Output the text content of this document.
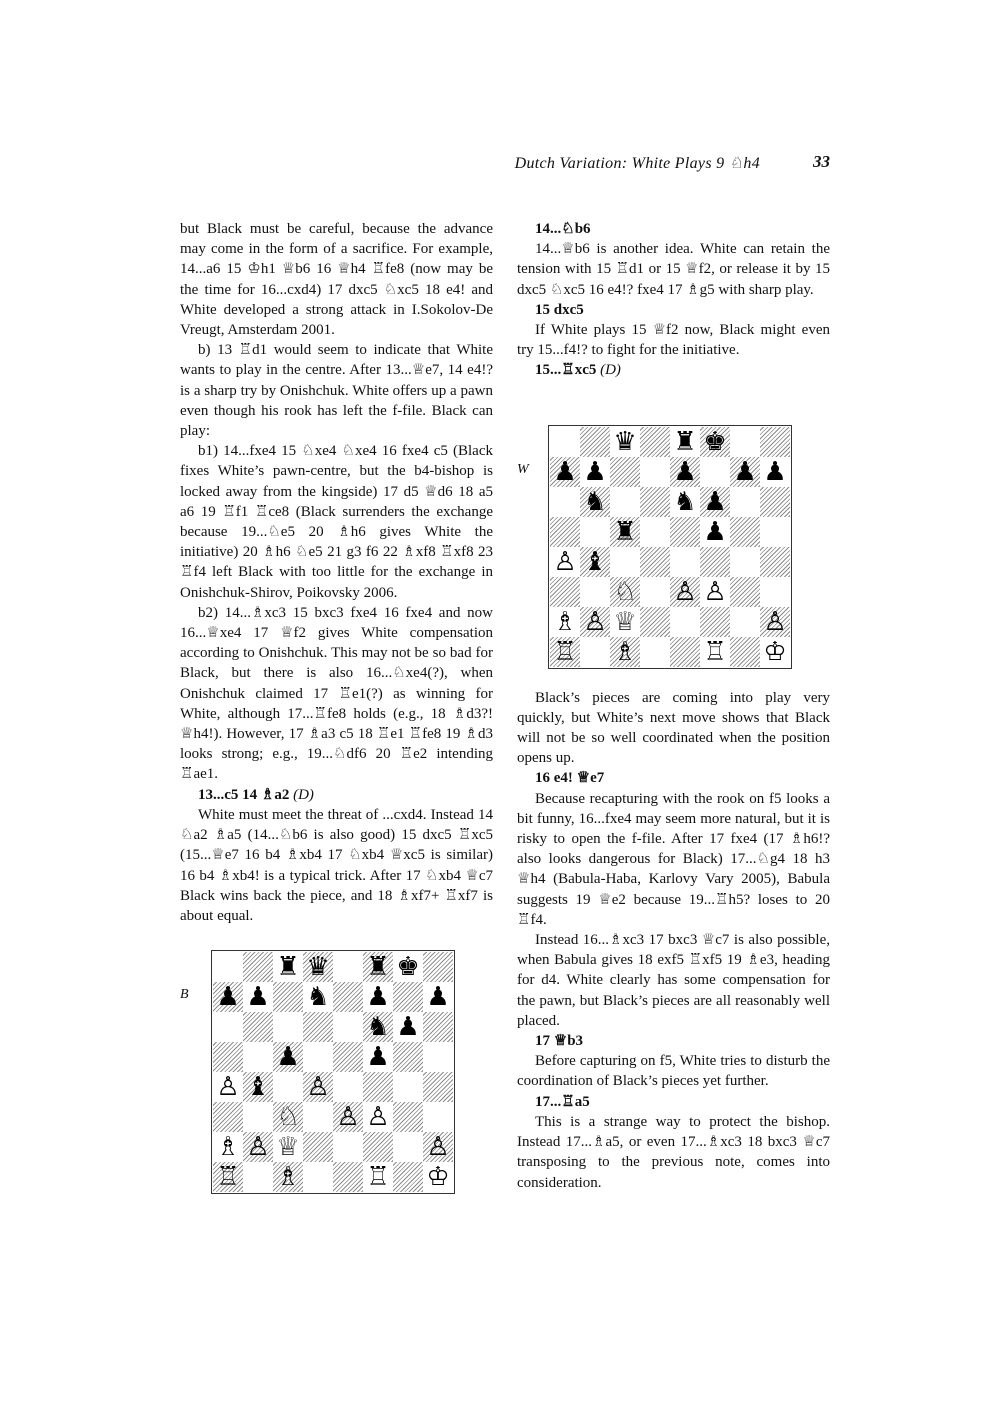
Dutch Variation: White Plays 9 ♘h4	33

but Black must be careful, because the advance may come in the form of a sacrifice. For example, 14...a6 15 ♔h1 ♕b6 16 ♕h4 ♖fe8 (now may be the time for 16...cxd4) 17 dxc5 ♘xc5 18 e4! and White developed a strong attack in I.Sokolov-De Vreugt, Amsterdam 2001.

b) 13 ♖d1 would seem to indicate that White wants to play in the centre. After 13...♕e7, 14 e4!? is a sharp try by Onishchuk. White offers up a pawn even though his rook has left the f-file. Black can play:

b1) 14...fxe4 15 ♘xe4 ♘xe4 16 fxe4 c5 (Black fixes White’s pawn-centre, but the b4-bishop is locked away from the kingside) 17 d5 ♕d6 18 a5 a6 19 ♖f1 ♖ce8 (Black surrenders the exchange because 19...♘e5 20 ♗h6 gives White the initiative) 20 ♗h6 ♘e5 21 g3 f6 22 ♗xf8 ♖xf8 23 ♖f4 left Black with too little for the exchange in Onishchuk-Shirov, Poikovsky 2006.

b2) 14...♗xc3 15 bxc3 fxe4 16 fxe4 and now 16...♕xe4 17 ♕f2 gives White compensation according to Onishchuk. This may not be so bad for Black, but there is also 16...♘xe4(?), when Onishchuk claimed 17 ♖e1(?) as winning for White, although 17...♖fe8 holds (e.g., 18 ♗d3?! ♕h4!). However, 17 ♗a3 c5 18 ♖e1 ♖fe8 19 ♗d3 looks strong; e.g., 19...♘df6 20 ♖e2 intending ♖ae1.

13...c5 14 ♗a2 (D)

White must meet the threat of ...cxd4. Instead 14 ♘a2 ♗a5 (14...♘b6 is also good) 15 dxc5 ♖xc5 (15...♕e7 16 b4 ♗xb4 17 ♘xb4 ♕xc5 is similar) 16 b4 ♗xb4! is a typical trick. After 17 ♘xb4 ♕c7 Black wins back the piece, and 18 ♗xf7+ ♖xf7 is about equal.

14...♘b6

14...♕b6 is another idea. White can retain the tension with 15 ♖d1 or 15 ♕f2, or release it by 15 dxc5 ♘xc5 16 e4!? fxe4 17 ♗g5 with sharp play.

15 dxc5

If White plays 15 ♕f2 now, Black might even try 15...f4!? to fight for the initiative.

15...♖xc5 (D)

Black’s pieces are coming into play very quickly, but White’s next move shows that Black will not be so well coordinated when the position opens up.

16 e4! ♕e7

Because recapturing with the rook on f5 looks a bit funny, 16...fxe4 may seem more natural, but it is risky to open the f-file. After 17 fxe4 (17 ♗h6!? also looks dangerous for Black) 17...♘g4 18 h3 ♕h4 (Babula-Haba, Karlovy Vary 2005), Babula suggests 19 ♕e2 because 19...♖h5? loses to 20 ♖f4.

Instead 16...♗xc3 17 bxc3 ♕c7 is also possible, when Babula gives 18 exf5 ♖xf5 19 ♗e3, heading for d4. White clearly has some compensation for the pawn, but Black’s pieces are all reasonably well placed.

17 ♕b3

Before capturing on f5, White tries to disturb the coordination of Black’s pieces yet further.

17...♖a5

This is a strange way to protect the bishop. Instead 17...♗a5, or even 17...♗xc3 18 bxc3 ♕c7 transposing to the previous note, comes into consideration.

W
♛ ♜ ♚
♟ ♟	♟ ♟ ♟
♞	♞ ♟
♜	♟
♙ ♝
♘ ♙ ♙
♗ ♙ ♕	♙
♖ ♗	♖ ♔
B
♜ ♛ ♜ ♚
♟ ♟ ♞ ♟ ♟
♞ ♟
♟	♟
♙ ♝ ♙
♘ ♙ ♙
♗ ♙ ♕	♙
♖ ♗	♖ ♔
